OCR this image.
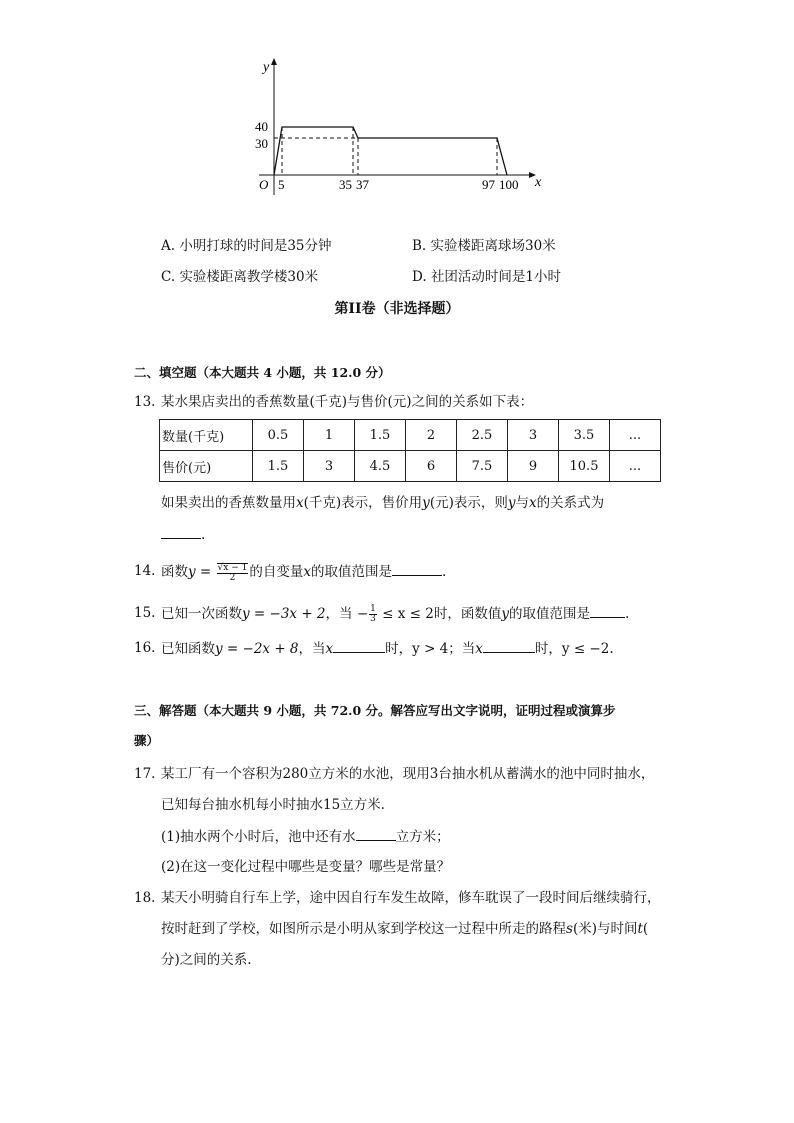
y
40
30
O 5	35 37	97 100 x
A. 小明打球的时间是35分钟	B. 实验楼距离球场30米
C. 实验楼距离教学楼30米	D. 社团活动时间是1小时
第II卷（非选择题）
二、填空题（本大题共 4 小题，共 12.0 分）
13. 某水果店卖出的香蕉数量(千克)与售价(元)之间的关系如下表：
数量(千克)	0.5	1	1.5	2	2.5	3	3.5	...
售价(元)	1.5	3	4.5	6	7.5	9	10.5	...
如果卖出的香蕉数量用x(千克)表示，售价用y(元)表示，则y与x的关系式为
.
14. 函数$y = \frac{√x - 1}{2}$ 的自变量x的取值范围是	.
15. 已知一次函数y = −3x + 2，当 − $\frac{1}{3} \le x \le 2$时，函数值y的取值范围是	.
16. 已知函数y = −2x + 8，当x	时，y > 4；当x	时，y ≤ −2.
三、解答题（本大题共 9 小题，共 72.0 分。解答应写出文字说明，证明过程或演算步
骤）
17. 某工厂有一个容积为280立方米的水池，现用3台抽水机从蓄满水的池中同时抽水，
已知每台抽水机每小时抽水15立方米.
(1)抽水两个小时后，池中还有水	立方米；
(2)在这一变化过程中哪些是变量？哪些是常量？
18. 某天小明骑自行车上学，途中因自行车发生故障，修车耽误了一段时间后继续骑行，
按时赶到了学校，如图所示是小明从家到学校这一过程中所走的路程s(米)与时间t(
分)之间的关系.
